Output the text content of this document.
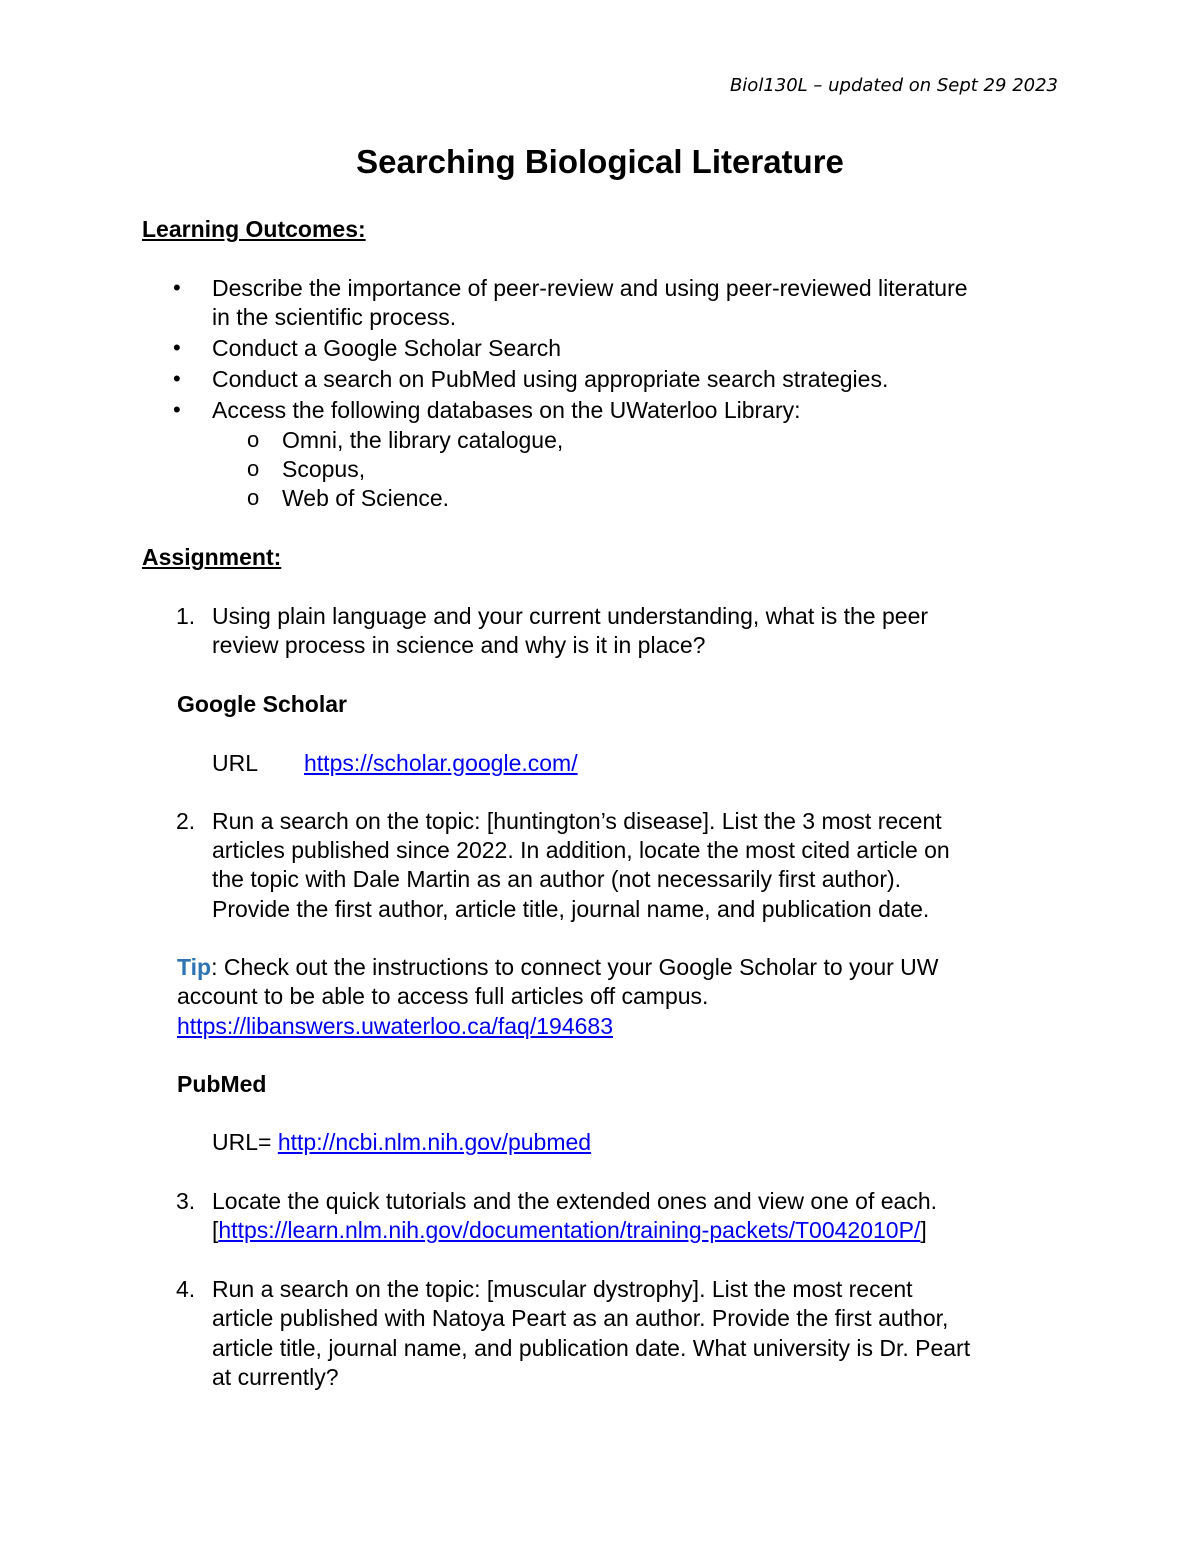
Biol130L – updated on Sept 29 2023
Searching Biological Literature
Learning Outcomes:
• Describe the importance of peer-review and using peer-reviewed literature
in the scientific process.
• Conduct a Google Scholar Search
• Conduct a search on PubMed using appropriate search strategies.
• Access the following databases on the UWaterloo Library:
o Omni, the library catalogue,
o Scopus,
o Web of Science.
Assignment:
1. Using plain language and your current understanding, what is the peer
review process in science and why is it in place?
Google Scholar
URL https://scholar.google.com/
2. Run a search on the topic: [huntington’s disease]. List the 3 most recent
articles published since 2022. In addition, locate the most cited article on
the topic with Dale Martin as an author (not necessarily first author).
Provide the first author, article title, journal name, and publication date.
Tip: Check out the instructions to connect your Google Scholar to your UW
account to be able to access full articles off campus.
https://libanswers.uwaterloo.ca/faq/194683
PubMed
URL= http://ncbi.nlm.nih.gov/pubmed
3. Locate the quick tutorials and the extended ones and view one of each.
[https://learn.nlm.nih.gov/documentation/training-packets/T0042010P/]
4. Run a search on the topic: [muscular dystrophy]. List the most recent
article published with Natoya Peart as an author. Provide the first author,
article title, journal name, and publication date. What university is Dr. Peart
at currently?
